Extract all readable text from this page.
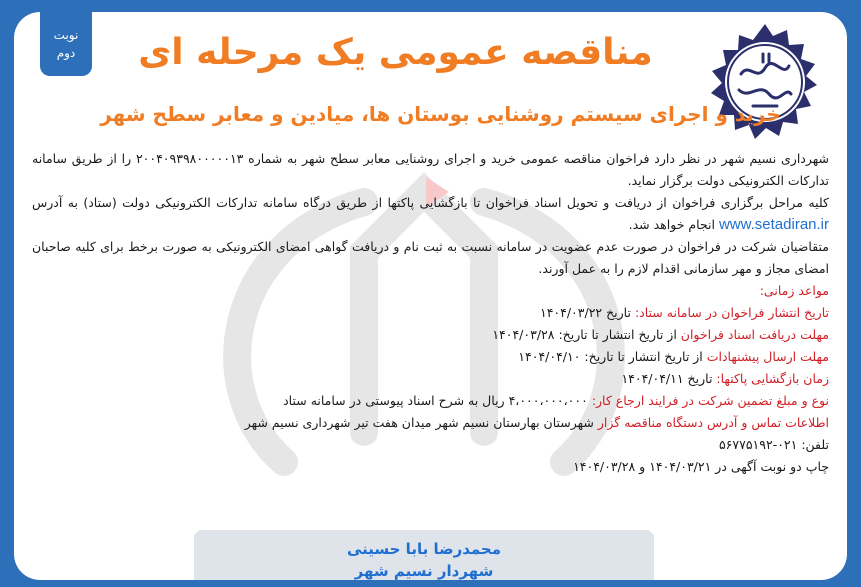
نوبت
دوم	مناقصه عمومی یک مرحله ای
خرید و اجرای سیستم روشنایی بوستان ها، میادین و معابر سطح شهر

شهرداری نسیم شهر در نظر دارد فراخوان مناقصه عمومی خرید و اجرای روشنایی معابر سطح شهر به شماره ۲۰۰۴۰۹۳۹۸۰۰۰۰۰۱۳ را از طریق سامانه تدارکات الکترونیکی دولت برگزار نماید.

کلیه مراحل برگزاری فراخوان از دریافت و تحویل اسناد فراخوان تا بازگشایی پاکتها از طریق درگاه سامانه تدارکات الکترونیکی دولت (ستاد) به آدرس www.setadiran.ir انجام خواهد شد.

متقاضیان شرکت در فراخوان در صورت عدم عضویت در سامانه نسبت به ثبت نام و دریافت گواهی امضای الکترونیکی به صورت برخط برای کلیه صاحبان امضای مجاز و مهر سازمانی اقدام لازم را به عمل آورند.

مواعد زمانی:
تاریخ انتشار فراخوان در سامانه ستاد: تاریخ ۱۴۰۴/۰۳/۲۲
مهلت دریافت اسناد فراخوان از تاریخ انتشار تا تاریخ: ۱۴۰۴/۰۳/۲۸
مهلت ارسال پیشنهادات از تاریخ انتشار تا تاریخ: ۱۴۰۴/۰۴/۱۰
زمان بازگشایی پاکتها: تاریخ ۱۴۰۴/۰۴/۱۱
نوع و مبلغ تضمین شرکت در فرایند ارجاع کار: ۴،۰۰۰،۰۰۰،۰۰۰ ریال به شرح اسناد پیوستی در سامانه ستاد
اطلاعات تماس و آدرس دستگاه مناقصه گزار شهرستان بهارستان نسیم شهر میدان هفت تیر شهرداری نسیم شهر
تلفن: ۰۲۱-۵۶۷۷۵۱۹۲
چاپ دو نوبت آگهی در ۱۴۰۴/۰۳/۲۱ و ۱۴۰۴/۰۳/۲۸
محمدرضا بابا حسینی
شهردار نسیم شهر
